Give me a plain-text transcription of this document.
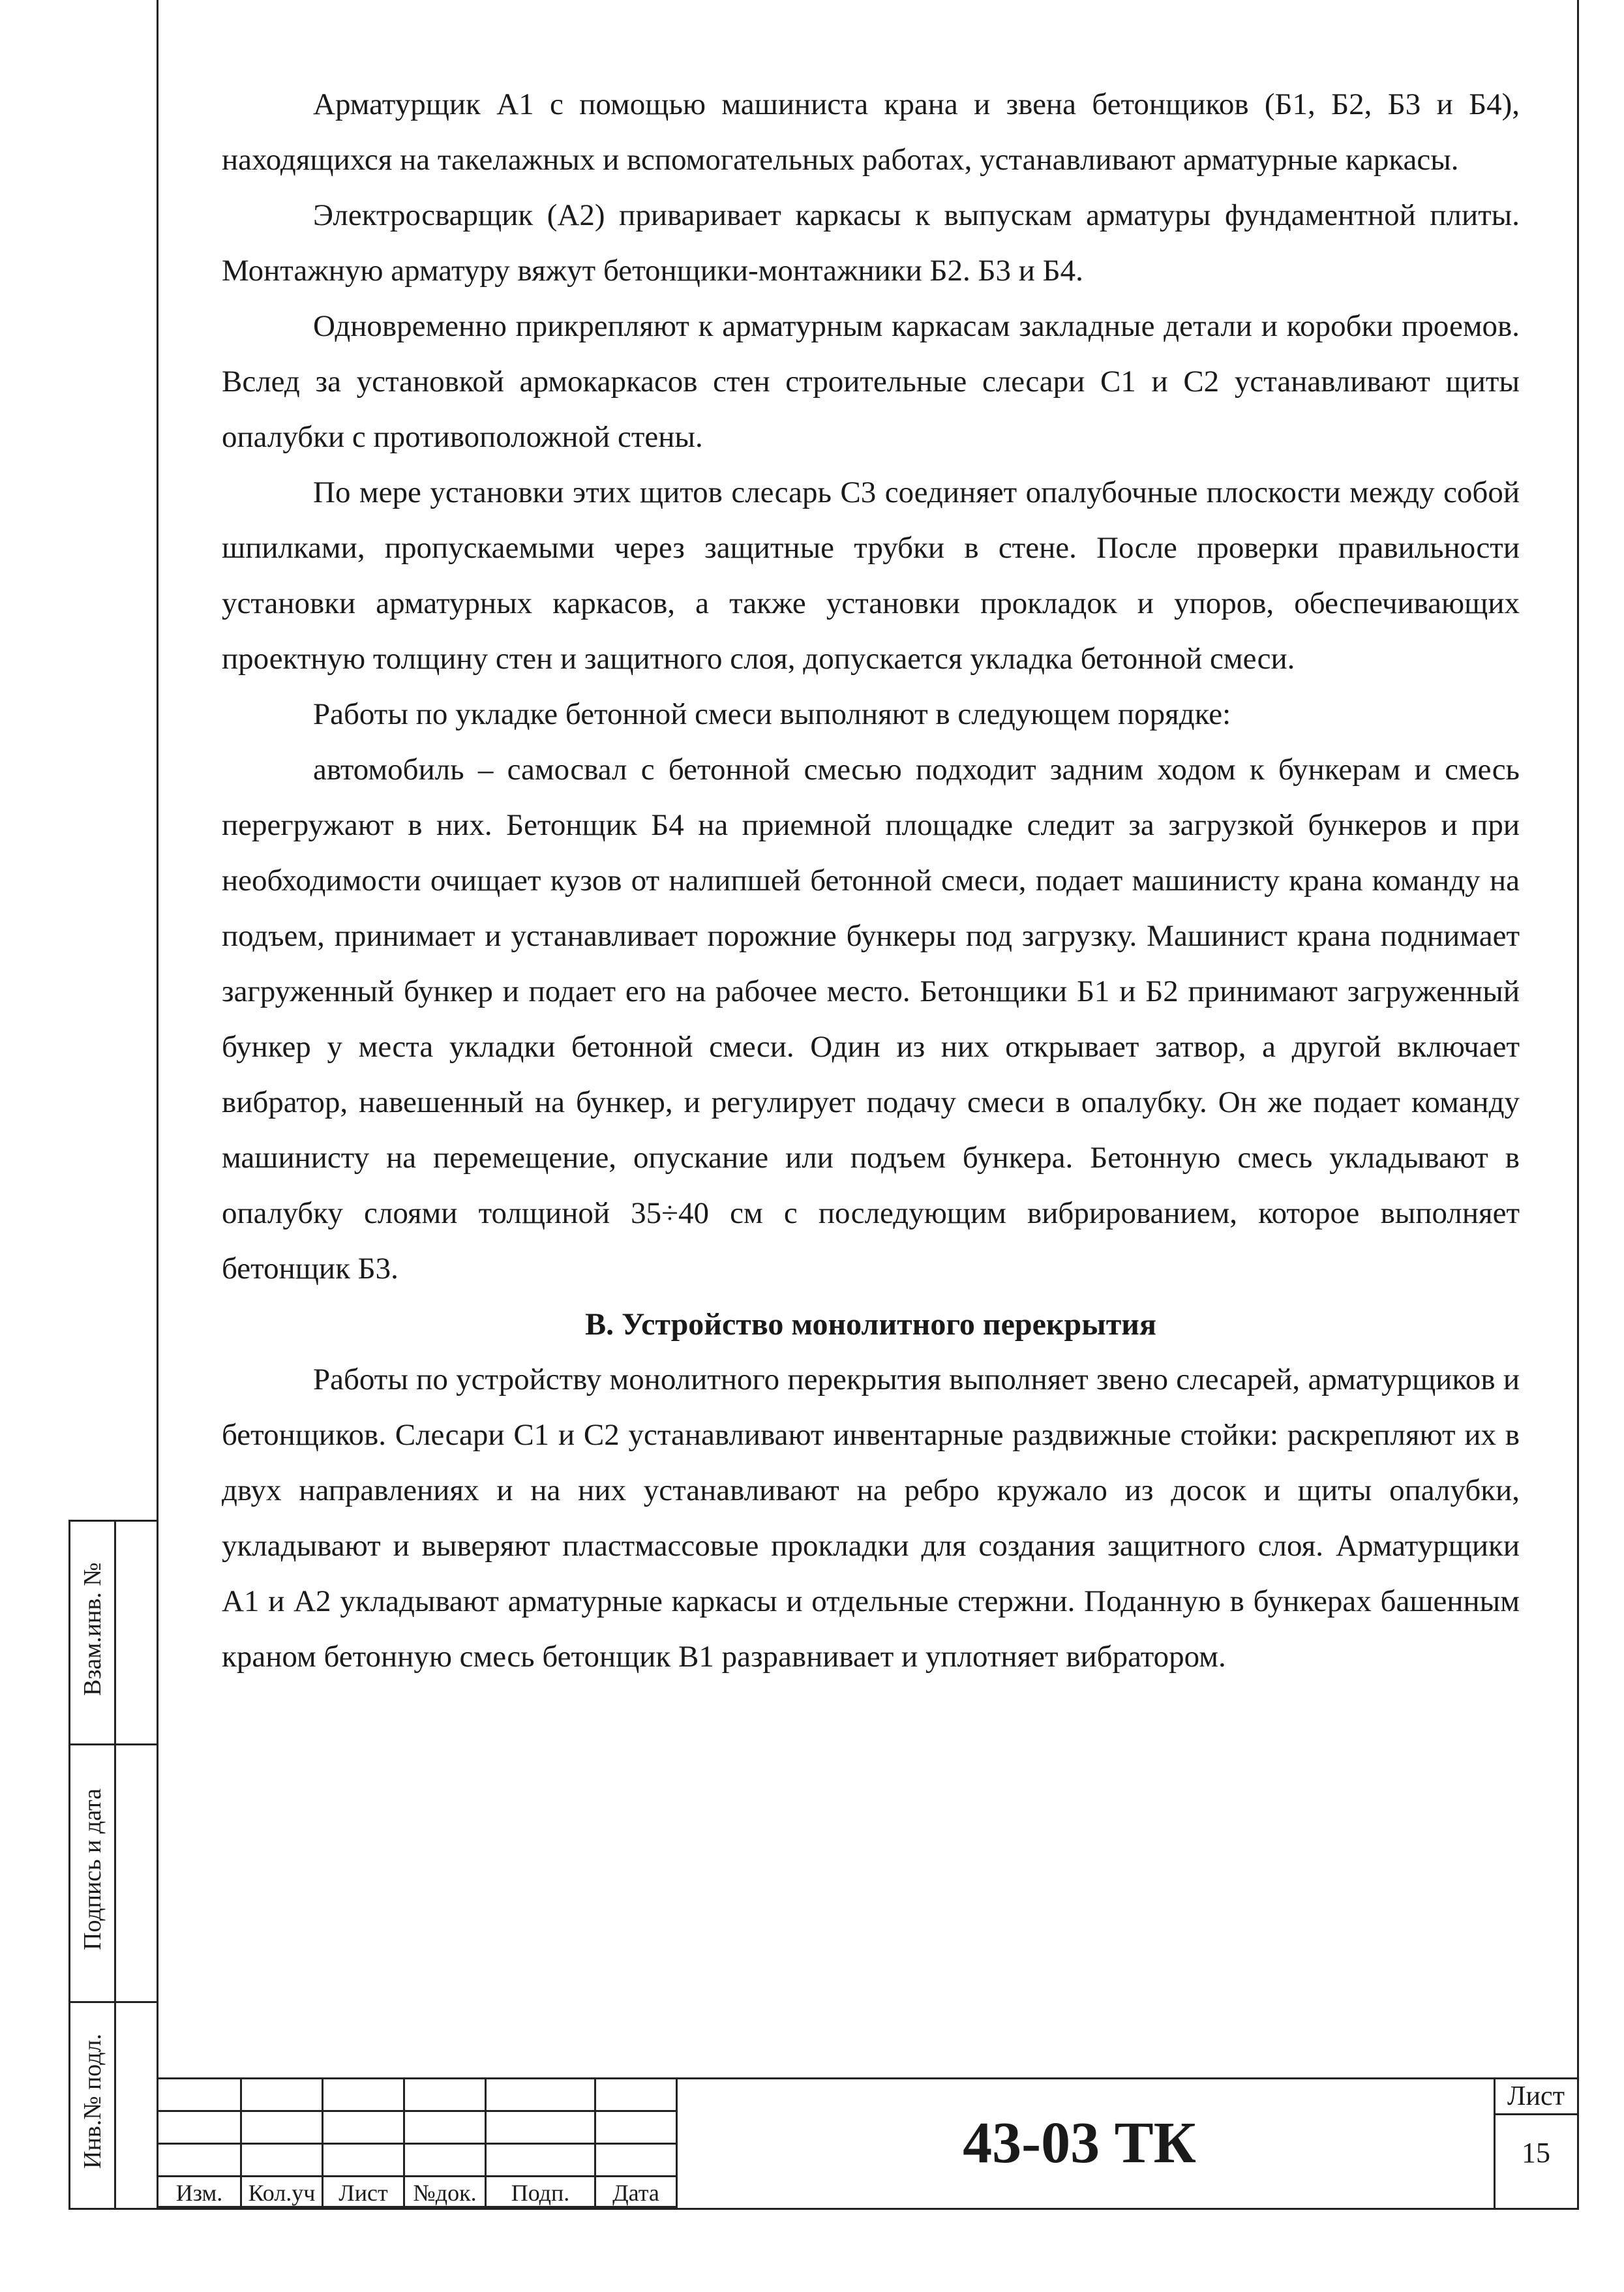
Взам.инв. №
Подпись и дата
Инв.№ подл.

Арматурщик А1 с помощью машиниста крана и звена бетонщиков (Б1, Б2, Б3 и Б4), находящихся на такелажных и вспомогательных работах, устанавливают арматурные каркасы.

Электросварщик (А2) приваривает каркасы к выпускам арматуры фундаментной плиты. Монтажную арматуру вяжут бетонщики-монтажники Б2. Б3 и Б4.

Одновременно прикрепляют к арматурным каркасам закладные детали и коробки проемов. Вслед за установкой армокаркасов стен строительные слесари С1 и С2 устанавливают щиты опалубки с противоположной стены.

По мере установки этих щитов слесарь С3 соединяет опалубочные плоскости между собой шпилками, пропускаемыми через защитные трубки в стене. После проверки правильности установки арматурных каркасов, а также установки прокладок и упоров, обеспечивающих проектную толщину стен и защитного слоя, допускается укладка бетонной смеси.

Работы по укладке бетонной смеси выполняют в следующем порядке:

автомобиль – самосвал с бетонной смесью подходит задним ходом к бункерам и смесь перегружают в них. Бетонщик Б4 на приемной площадке следит за загрузкой бункеров и при необходимости очищает кузов от налипшей бетонной смеси, подает машинисту крана команду на подъем, принимает и устанавливает порожние бункеры под загрузку. Машинист крана поднимает загруженный бункер и подает его на рабочее место. Бетонщики Б1 и Б2 принимают загруженный бункер у места укладки бетонной смеси. Один из них открывает затвор, а другой включает вибратор, навешенный на бункер, и регулирует подачу смеси в опалубку. Он же подает команду машинисту на перемещение, опускание или подъем бункера. Бетонную смесь укладывают в опалубку слоями толщиной 35÷40 см с последующим вибрированием, которое выполняет бетонщик Б3.

В. Устройство монолитного перекрытия

Работы по устройству монолитного перекрытия выполняет звено слесарей, арматурщиков и бетонщиков. Слесари С1 и С2 устанавливают инвентарные раздвижные стойки: раскрепляют их в двух направлениях и на них устанавливают на ребро кружало из досок и щиты опалубки, укладывают и выверяют пластмассовые прокладки для создания защитного слоя. Арматурщики А1 и А2 укладывают арматурные каркасы и отдельные стержни. Поданную в бункерах башенным краном бетонную смесь бетонщик В1 разравнивает и уплотняет вибратором.

Изм.	Кол.уч	Лист	№док.	Подп.	Дата
43-03 ТК
Лист
15
